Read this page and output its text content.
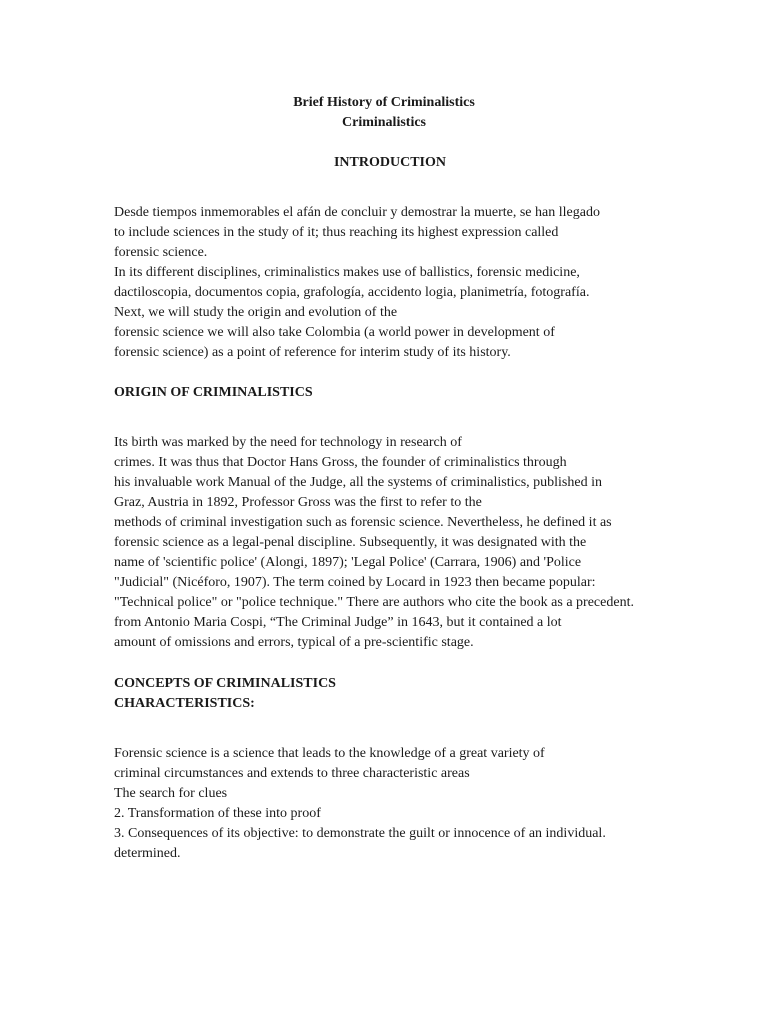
Brief History of Criminalistics

Criminalistics

INTRODUCTION

Desde tiempos inmemorables el afán de concluir y demostrar la muerte, se han llegado

to include sciences in the study of it; thus reaching its highest expression called

forensic science.

In its different disciplines, criminalistics makes use of ballistics, forensic medicine,

dactiloscopia, documentos copia, grafología, accidento logia, planimetría, fotografía.

Next, we will study the origin and evolution of the

forensic science we will also take Colombia (a world power in development of

forensic science) as a point of reference for interim study of its history.

ORIGIN OF CRIMINALISTICS

Its birth was marked by the need for technology in research of

crimes. It was thus that Doctor Hans Gross, the founder of criminalistics through

his invaluable work Manual of the Judge, all the systems of criminalistics, published in

Graz, Austria in 1892, Professor Gross was the first to refer to the

methods of criminal investigation such as forensic science. Nevertheless, he defined it as

forensic science as a legal-penal discipline. Subsequently, it was designated with the

name of 'scientific police' (Alongi, 1897); 'Legal Police' (Carrara, 1906) and 'Police

"Judicial" (Nicéforo, 1907). The term coined by Locard in 1923 then became popular:

"Technical police" or "police technique." There are authors who cite the book as a precedent.

from Antonio Maria Cospi, “The Criminal Judge” in 1643, but it contained a lot

amount of omissions and errors, typical of a pre-scientific stage.

CONCEPTS OF CRIMINALISTICS

CHARACTERISTICS:

Forensic science is a science that leads to the knowledge of a great variety of

criminal circumstances and extends to three characteristic areas

The search for clues

2. Transformation of these into proof

3. Consequences of its objective: to demonstrate the guilt or innocence of an individual.

determined.
